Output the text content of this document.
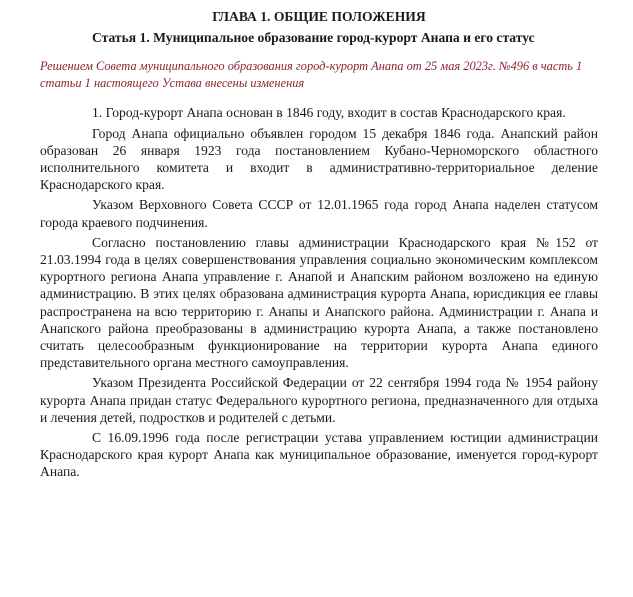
ГЛАВА 1. ОБЩИЕ ПОЛОЖЕНИЯ
Статья 1. Муниципальное образование город-курорт Анапа и его статус
Решением Совета муниципального образования город-курорт Анапа от 25 мая 2023г. №496 в часть 1 статьи 1 настоящего Устава внесены изменения

1. Город-курорт Анапа основан в 1846 году, входит в состав Краснодарского края.

Город Анапа официально объявлен городом 15 декабря 1846 года. Анапский район образован 26 января 1923 года постановлением Кубано-Черноморского областного исполнительного комитета и входит в административно-территориальное деление Краснодарского края.

Указом Верховного Совета СССР от 12.01.1965 года город Анапа наделен статусом города краевого подчинения.

Согласно постановлению главы администрации Краснодарского края №152 от 21.03.1994 года в целях совершенствования управления социально экономическим комплексом курортного региона Анапа управление г. Анапой и Анапским районом возложено на единую администрацию. В этих целях образована администрация курорта Анапа, юрисдикция ее главы распространена на всю территорию г. Анапы и Анапского района. Администрации г. Анапа и Анапского района преобразованы в администрацию курорта Анапа, а также постановлено считать целесообразным функционирование на территории курорта Анапа единого представительного органа местного самоуправления.

Указом Президента Российской Федерации от 22 сентября 1994 года № 1954 району курорта Анапа придан статус Федерального курортного региона, предназначенного для отдыха и лечения детей, подростков и родителей с детьми.

С 16.09.1996 года после регистрации устава управлением юстиции администрации Краснодарского края курорт Анапа как муниципальное образование, именуется город-курорт Анапа.
